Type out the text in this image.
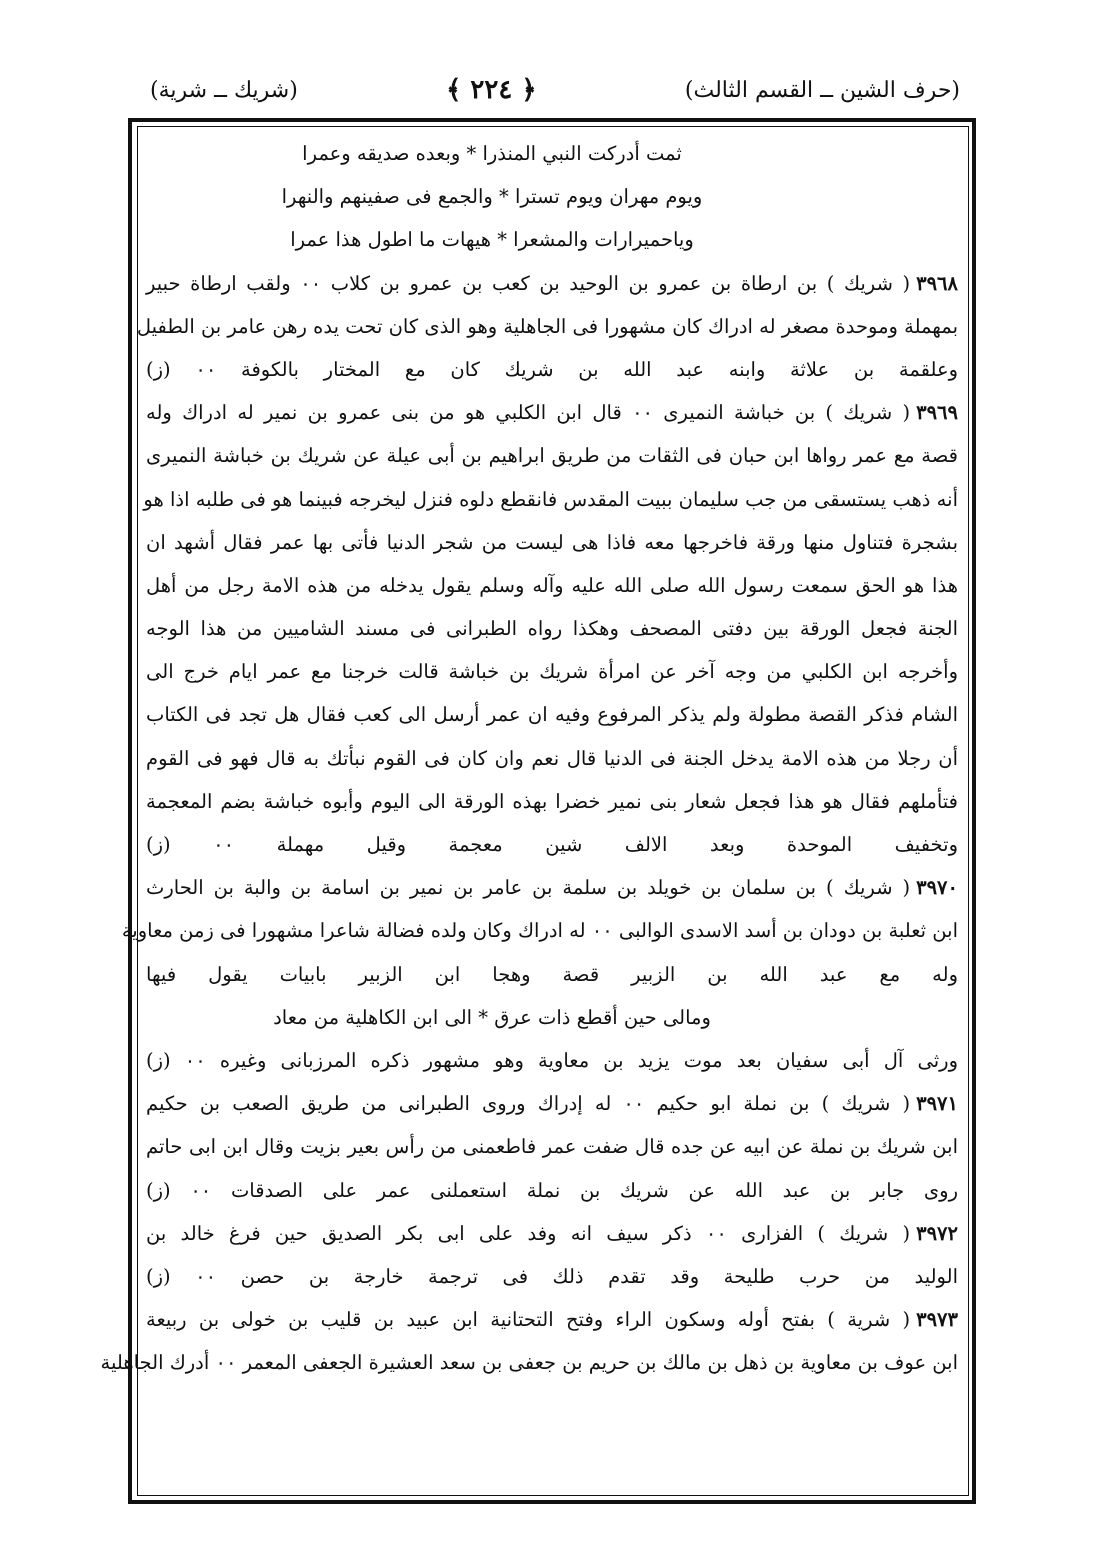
(حرف الشين ــ القسم الثالث)
﴿ ٢٢٤ ﴾
(شريك ــ شرية)
ثمت أدركت النبي المنذرا * وبعده صديقه وعمرا
ويوم مهران ويوم تسترا * والجمع فى صفينهم والنهرا
وياحميرارات والمشعرا * هيهات ما اطول هذا عمرا
٣٩٦٨( شريك ) بن ارطاة بن عمرو بن الوحيد بن كعب بن عمرو بن كلاب ٠٠ ولقب ارطاة حبير
بمهملة وموحدة مصغر له ادراك كان مشهورا فى الجاهلية وهو الذى كان تحت يده رهن عامر بن الطفيل
وعلقمة بن علاثة وابنه عبد الله بن شريك كان مع المختار بالكوفة ٠٠ (ز)
٣٩٦٩( شريك ) بن خباشة النميرى ٠٠ قال ابن الكلبي هو من بنى عمرو بن نمير له ادراك وله
قصة مع عمر رواها ابن حبان فى الثقات من طريق ابراهيم بن أبى عيلة عن شريك بن خباشة النميرى
أنه ذهب يستسقى من جب سليمان ببيت المقدس فانقطع دلوه فنزل ليخرجه فبينما هو فى طلبه اذا هو
بشجرة فتناول منها ورقة فاخرجها معه فاذا هى ليست من شجر الدنيا فأتى بها عمر فقال أشهد ان
هذا هو الحق سمعت رسول الله صلى الله عليه وآله وسلم يقول يدخله من هذه الامة رجل من أهل
الجنة فجعل الورقة بين دفتى المصحف وهكذا رواه الطبرانى فى مسند الشاميين من هذا الوجه
وأخرجه ابن الكلبي من وجه آخر عن امرأة شريك بن خباشة قالت خرجنا مع عمر ايام خرج الى
الشام فذكر القصة مطولة ولم يذكر المرفوع وفيه ان عمر أرسل الى كعب فقال هل تجد فى الكتاب
أن رجلا من هذه الامة يدخل الجنة فى الدنيا قال نعم وان كان فى القوم نبأتك به قال فهو فى القوم
فتأملهم فقال هو هذا فجعل شعار بنى نمير خضرا بهذه الورقة الى اليوم وأبوه خباشة بضم المعجمة
وتخفيف الموحدة وبعد الالف شين معجمة وقيل مهملة ٠٠ (ز)
٣٩٧٠( شريك ) بن سلمان بن خويلد بن سلمة بن عامر بن نمير بن اسامة بن والبة بن الحارث
ابن ثعلبة بن دودان بن أسد الاسدى الوالبى ٠٠ له ادراك وكان ولده فضالة شاعرا مشهورا فى زمن معاوية
وله مع عبد الله بن الزبير قصة وهجا ابن الزبير بابيات يقول فيها
ومالى حين أقطع ذات عرق * الى ابن الكاهلية من معاد
ورثى آل أبى سفيان بعد موت يزيد بن معاوية وهو مشهور ذكره المرزبانى وغيره ٠٠ (ز)
٣٩٧١( شريك ) بن نملة ابو حكيم ٠٠ له إدراك وروى الطبرانى من طريق الصعب بن حكيم
ابن شريك بن نملة عن ابيه عن جده قال ضفت عمر فاطعمنى من رأس بعير بزيت وقال ابن ابى حاتم
روى جابر بن عبد الله عن شريك بن نملة استعملنى عمر على الصدقات ٠٠ (ز)
٣٩٧٢( شريك ) الفزارى ٠٠ ذكر سيف انه وفد على ابى بكر الصديق حين فرغ خالد بن
الوليد من حرب طليحة وقد تقدم ذلك فى ترجمة خارجة بن حصن ٠٠ (ز)
٣٩٧٣( شرية ) بفتح أوله وسكون الراء وفتح التحتانية ابن عبيد بن قليب بن خولى بن ربيعة
ابن عوف بن معاوية بن ذهل بن مالك بن حريم بن جعفى بن سعد العشيرة الجعفى المعمر ٠٠ أدرك الجاهلية
